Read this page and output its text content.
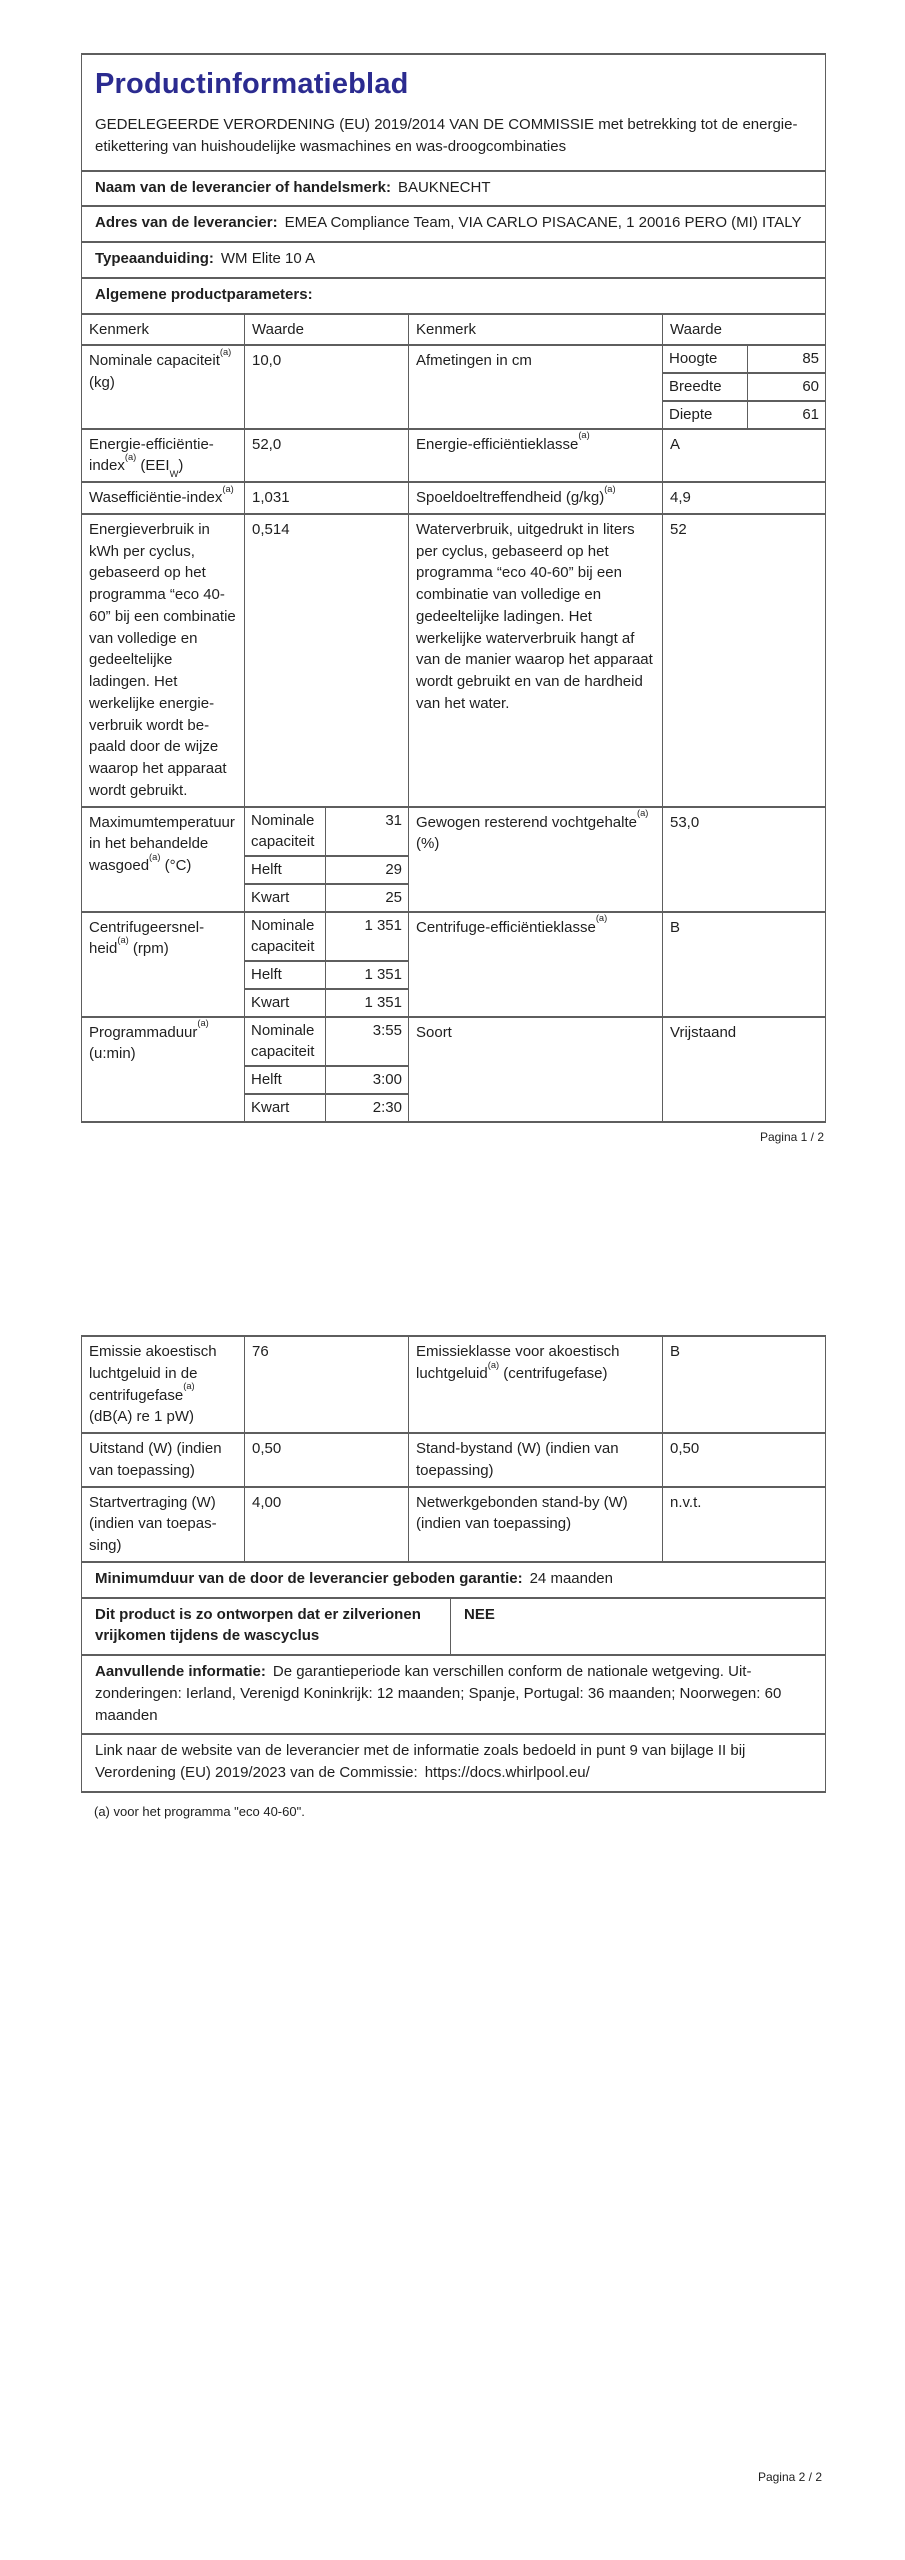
Productinformatieblad

GEDELEGEERDE VERORDENING (EU) 2019/2014 VAN DE COMMISSIE met betrekking tot de energie-etikettering van huishoudelijke wasmachines en was-droogcombinaties

Naam van de leverancier of handelsmerk: BAUKNECHT
Adres van de leverancier: EMEA Compliance Team, VIA CARLO PISACANE, 1 20016 PERO (MI) ITALY
Typeaanduiding: WM Elite 10 A
Algemene productparameters:
Kenmerk	Waarde	Kenmerk	Waarde
Nominale capaciteit$^{(a)}$ (kg)	10,0	Afmetingen in cm		Hoogte	85
Breedte	60
Diepte	61

Energie-efficiëntie-index$^{(a)}$ $(EEI_W)$	52,0	Energie-efficiëntieklasse$^{(a)}$	A
Wasefficiëntie-index$^{(a)}$	1,031	Spoeldoeltreffendheid $(g/kg)^{(a)}$	4,9
Energieverbruik in kWh per cyclus, gebaseerd op het programma “eco 40-60” bij een combinatie van volledige en gedeeltelijke ladingen. Het werkelijke energieverbruik wordt bepaald door de wijze waarop het apparaat wordt gebruikt.	0,514	Waterverbruik, uitgedrukt in liters per cyclus, gebaseerd op het programma “eco 40-60” bij een combinatie van volledige en gedeeltelijke ladingen. Het werkelijke waterverbruik hangt af van de manier waarop het apparaat wordt gebruikt en van de hardheid van het water.	52
Maximumtemperatuur in het behandelde wasgoed$^{(a)}$ (°C)	
Nominale capaciteit	31
Helft	29
Kwart	25
	Gewogen resterend vochtgehalte$^{(a)}$ (%)	53,0
Centrifugeersnelheid$^{(a)}$ (rpm)	
Nominale capaciteit	1 351
Helft	1 351
Kwart	1 351
	Centrifuge-efficiëntieklasse$^{(a)}$	B
Programmaduur$^{(a)}$ (u:min)	
Nominale capaciteit	3:55
Helft	3:00
Kwart	2:30
	Soort	Vrijstaand
Pagina 1 / 2
Emissie akoestisch luchtgeluid in de centrifugefase$^{(a)}$ (dB(A) re 1 pW)	76	Emissieklasse voor akoestisch luchtgeluid$^{(a)}$ (centrifugefase)	B
Uitstand (W) (indien van toepassing)	0,50	Stand-bystand (W) (indien van toepassing)	0,50
Startvertraging (W) (indien van toepassing)	4,00	Netwerkgebonden stand-by (W) (indien van toepassing)	n.v.t.
Minimumduur van de door de leverancier geboden garantie: 24 maanden
Dit product is zo ontworpen dat er zilverionen vrijkomen tijdens de wascyclus	NEE
Aanvullende informatie: De garantieperiode kan verschillen conform de nationale wetgeving. Uitzonderingen: Ierland, Verenigd Koninkrijk: 12 maanden; Spanje, Portugal: 36 maanden; Noorwegen: 60 maanden
Link naar de website van de leverancier met de informatie zoals bedoeld in punt 9 van bijlage II bij Verordening (EU) 2019/2023 van de Commissie: https://docs.whirlpool.eu/
(a) voor het programma "eco 40-60".
Pagina 2 / 2
